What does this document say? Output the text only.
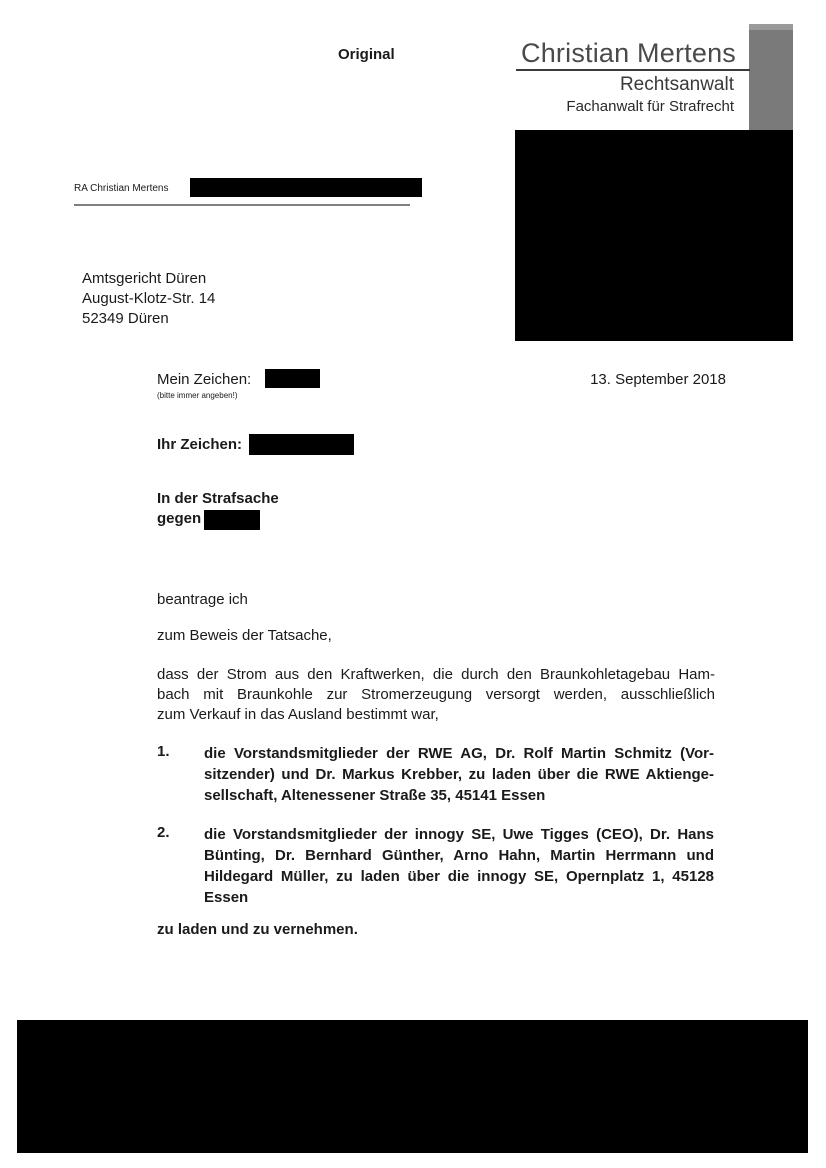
Original	Christian Mertens
Rechtsanwalt
Fachanwalt für Strafrecht
RA Christian Mertens
Amtsgericht Düren
August-Klotz-Str. 14
52349 Düren
13. September 2018
Mein Zeichen:
(bitte immer angeben!)
Ihr Zeichen:
In der Strafsache
gegen
beantrage ich
zum Beweis der Tatsache,
dass der Strom aus den Kraftwerken, die durch den Braunkohletagebau Ham-
bach mit Braunkohle zur Stromerzeugung versorgt werden, ausschließlich
zum Verkauf in das Ausland bestimmt war,
1. die Vorstandsmitglieder der RWE AG, Dr. Rolf Martin Schmitz (Vor-
sitzender) und Dr. Markus Krebber, zu laden über die RWE Aktienge-
sellschaft, Altenessener Straße 35, 45141 Essen
2. die Vorstandsmitglieder der innogy SE, Uwe Tigges (CEO), Dr. Hans
Bünting, Dr. Bernhard Günther, Arno Hahn, Martin Herrmann und
Hildegard Müller, zu laden über die innogy SE, Opernplatz 1, 45128
Essen
zu laden und zu vernehmen.
